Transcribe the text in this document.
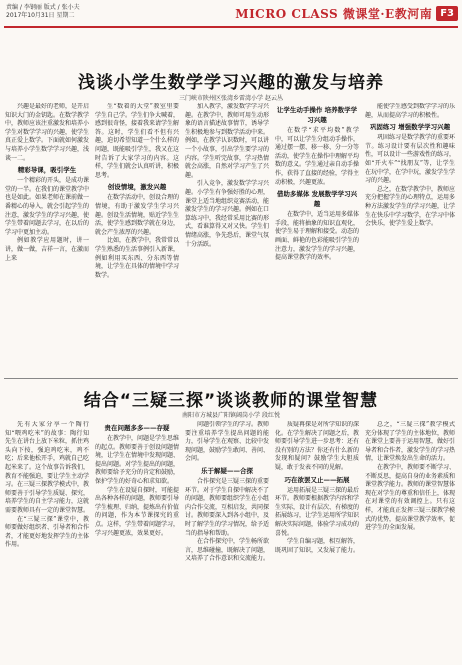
责编 / 李钢丽 版式 / 张小夫
2017年10月31日 星期二	MICRO CLASS 微课堂·E教河南 F3
浅谈小学生数学学习兴趣的激发与培养
三门峡市陕州区张湾乡雷湾小学 赵云丛

兴趣是最好的老师，是开启知识大门的金钥匙。在数学教学中，教师应该注重激发和培养小学生对数学学习的兴趣，使学生真正爱上数学。下面就如何激发与培养小学生数学学习兴趣，浅谈一二。

精彩导课，吸引学生

一个精彩的开头，是成功课堂的一半。在我们的课堂教学中也是如此。如果老师在课前做一番精心的导入，就会引起学生的注意，激发学生的学习兴趣，使学生带着问题去学习，在以后的学习中更加主动。

例如教学应用题时，讲一讲，做一做，吉祥一言，在激而上来

生“数着的大堂”教室里要学生自己学。学生们争大喊着，感到很奇怪，接着我来请学生解答。这时，学生们看不但有兴趣，迫切希望知道一个什么样的问题，既能吸引学生，我又在这时告诉了大家学习的内容。这样，学生们就会认真听讲，积极思考。

创设情境，激发兴趣

在数学活动中，创设合理的情境，有助于激发学生学习兴趣。创设生活情境，贴近学生生活，使学生感到数学就在身边，就会产生浓厚的兴趣。

比如，在教学中，我常常以学生熟悉的生活事例引入新课，例如利用买东西、分东西等情境，让学生在具体的情境中学习数学。

加入教学，激发数学学习兴趣。在教学中，教师可用生动形象的语言描述故事情节，诱导学生积极地参与到数学活动中来。例如，在教学认识数时，可以讲一个小故事，引出学生要学习的内容。学生听完故事，学习热情就会高涨，自然对学习产生了兴趣。

引入竞争，激发数学学习兴趣。小学生有争强好胜的心理，课堂上适当地组织竞赛活动，能激发学生的学习兴趣。例如在口算练习中，我经常采用比赛的形式，看谁算得又对又快。学生们情绪高涨，争先恐后，课堂气氛十分活跃。

让学生动手操作 培养数学学习兴趣

在数学“求平均数”教学中，可以让学生分组动手操作，通过摆一摆、移一移、分一分等活动，使学生在操作中理解平均数的意义。学生通过亲自动手操作，获得了直接的经验，学得主动积极，兴趣更浓。

借助多媒体 发展数学学习兴趣

在数学中，适当运用多媒体手段，能将抽象的知识直观化，使学生易于理解和接受。动态的画面、鲜艳的色彩能吸引学生的注意力，激发学生的学习兴趣，提高课堂教学的效率。

能使学生感受到数学学习的乐趣，从而提高学习的积极性。

巩固练习 增强数学学习兴趣

巩固练习是数学教学的重要环节。练习设计要有层次性和趣味性，可以设计一些游戏性的练习，如“开火车”“找朋友”等，让学生在玩中学，在学中玩，激发学生学习的兴趣。

总之，在数学教学中，教师应充分把握学生的心理特点，运用多种方法激发学生的学习兴趣，让学生在快乐中学习数学，在学习中体会快乐，使学生爱上数学。

结合“三疑三探”谈谈教师的课堂智慧
南阳市方城县广阳镇阔岗小学 段红悦

先有大家分享一个陶行知“喂鸡吃米”的故事：陶行知先生在讲台上放下米粒，抓住鸡头向下按，强迫鸡吃米，鸡不吃；后来他松开手，鸡就自己吃起米来了。这个故事告诉我们，教育不能强迫，要让学生主动学习。在三疑三探教学模式中，教师要善于引导学生质疑、探究，培养学生的自主学习能力，这就需要教师具有一定的课堂智慧。

在“三疑三探”课堂中，教师要做好组织者、引导者和合作者，才能更好地发挥学生的主体作用。

贵在问题多多——存疑

在教学中，问题是学生思维的起点。教师要善于创设问题情境，让学生在情境中发现问题、提出问题。对学生提出的问题，教师要给予充分的肯定和鼓励，保护学生的好奇心和求知欲。

学生在设疑自探时，可能提出各种各样的问题，教师要引导学生梳理、归纳，提炼出有价值的问题，作为本节课探究的重点。这样，学生带着问题学习，学习兴趣更浓，效果更好。

问题引领学生的学习。教师要注重培养学生提出问题的能力，引导学生在观察、比较中发现问题，鼓励学生敢问、善问、会问。

乐于解疑——合探

合作探究是三疑三探的重要环节。对于学生自探中解决不了的问题，教师要组织学生在小组内合作交流，互相启发，共同探讨。教师要深入到各小组中，及时了解学生的学习情况，给予适当的指导和帮助。

在合作探究中，学生畅所欲言，思维碰撞，既解决了问题，又培养了合作意识和交流能力。

质疑再探是对所学知识的深化。在学生解决了问题之后，教师要引导学生进一步思考：还有没有别的方法？你还有什么新的发现和疑问？鼓励学生大胆质疑，敢于发表不同的见解。

巧在欲罢又止——拓展

运用拓展是三疑三探的最后环节。教师要根据教学内容和学生实际，设计有层次、有梯度的拓展练习，让学生运用所学知识解决实际问题，体验学习成功的喜悦。

学生自编习题，相互解答，既巩固了知识，又发展了能力。

总之，“三疑三探”教学模式充分体现了学生的主体地位，教师在课堂上要善于运用智慧，做好引导者和合作者，激发学生的学习热情，让课堂焕发出生命的活力。

在教学中，教师要不断学习、不断反思，提高自身的业务素质和课堂教学能力。教师的课堂智慧体现在对学生的尊重和信任上，体现在对课堂的有效调控上。只有这样，才能真正发挥三疑三探教学模式的优势，提高课堂教学效率，促进学生的全面发展。
